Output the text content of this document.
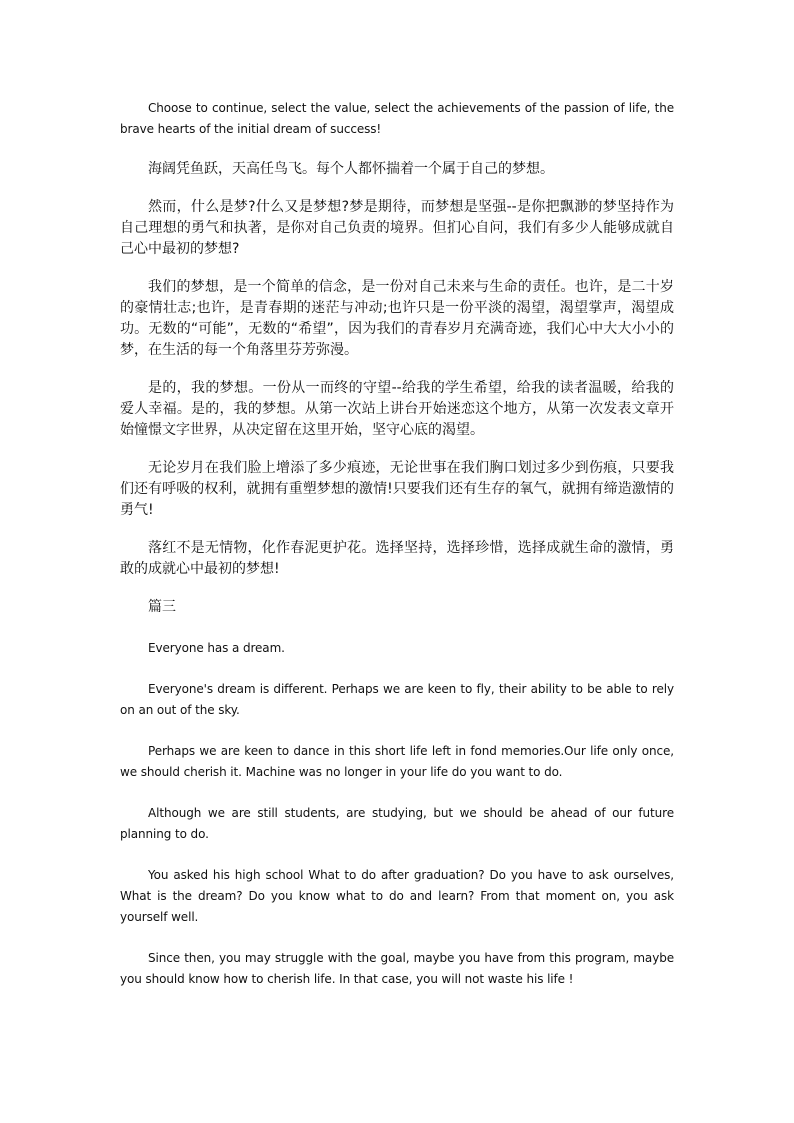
Choose to continue, select the value, select the achievements of the passion of life, the brave hearts of the initial dream of success!

海阔凭鱼跃，天高任鸟飞。每个人都怀揣着一个属于自己的梦想。

然而，什么是梦?什么又是梦想?梦是期待，而梦想是坚强--是你把飘渺的梦坚持作为自己理想的勇气和执著，是你对自己负责的境界。但扪心自问，我们有多少人能够成就自己心中最初的梦想?

我们的梦想，是一个简单的信念，是一份对自己未来与生命的责任。也许，是二十岁的豪情壮志;也许，是青春期的迷茫与冲动;也许只是一份平淡的渴望，渴望掌声，渴望成功。无数的“可能”，无数的“希望”，因为我们的青春岁月充满奇迹，我们心中大大小小的梦，在生活的每一个角落里芬芳弥漫。

是的，我的梦想。一份从一而终的守望--给我的学生希望，给我的读者温暖，给我的爱人幸福。是的，我的梦想。从第一次站上讲台开始迷恋这个地方，从第一次发表文章开始憧憬文字世界，从决定留在这里开始，坚守心底的渴望。

无论岁月在我们脸上增添了多少痕迹，无论世事在我们胸口划过多少到伤痕，只要我们还有呼吸的权利，就拥有重塑梦想的激情!只要我们还有生存的氧气，就拥有缔造激情的勇气!

落红不是无情物，化作春泥更护花。选择坚持，选择珍惜，选择成就生命的激情，勇敢的成就心中最初的梦想!

篇三

Everyone has a dream.

Everyone's dream is different. Perhaps we are keen to fly, their ability to be able to rely on an out of the sky.

Perhaps we are keen to dance in this short life left in fond memories.Our life only once, we should cherish it. Machine was no longer in your life do you want to do.

Although we are still students, are studying, but we should be ahead of our future planning to do.

You asked his high school What to do after graduation? Do you have to ask ourselves, What is the dream? Do you know what to do and learn? From that moment on, you ask yourself well.

Since then, you may struggle with the goal, maybe you have from this program, maybe you should know how to cherish life. In that case, you will not waste his life !
